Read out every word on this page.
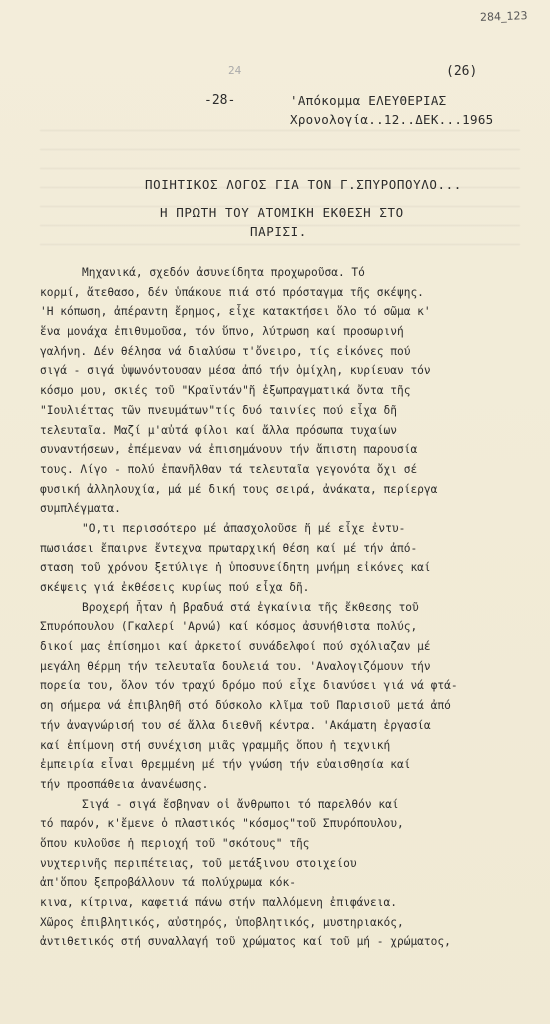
284_123
(26)
24
-28-	'Απόκομμα ΕΛΕΥΘΕΡΙΑΣ
Χρονολογία..12..ΔΕΚ...1965
ΠΟΙΗΤΙΚΟΣ ΛΟΓΟΣ ΓΙΑ ΤΟΝ Γ.ΣΠΥΡΟΠΟΥΛΟ...
Η ΠΡΩΤΗ ΤΟΥ ΑΤΟΜΙΚΗ ΕΚΘΕΣΗ ΣΤΟ
ΠΑΡΙΣΙ.
Μηχανικά, σχεδόν ἀσυνείδητα προχωροῦσα. Τό
κορμί, ἄτεθασο, δέν ὑπάκουε πιά στό πρόσταγμα τῆς σκέψης.
'Η κόπωση, ἀπέραντη ἔρημος, εἶχε κατακτήσει ὅλο τό σῶμα κ'
ἕνα μονάχα ἐπιθυμοῦσα, τόν ὕπνο, λύτρωση καί προσωρινή
γαλήνη. Δέν θέλησα νά διαλύσω τ'ὄνειρο, τίς εἰκόνες πού
σιγά - σιγά ὑψωνόντουσαν μέσα ἀπό τήν ὁμίχλη, κυρίευαν τόν
κόσμο μου, σκιές τοῦ "Κραϊντάν"ἤ ἐξωπραγματικά ὄντα τῆς
"Ιουλιέττας τῶν πνευμάτων"τίς δυό ταινίες πού εἶχα δῆ
τελευταῖα. Μαζί μ'αὐτά φίλοι καί ἄλλα πρόσωπα τυχαίων
συναντήσεων, ἐπέμεναν νά ἐπισημάνουν τήν ἄπιστη παρουσία
τους. Λίγο - πολύ ἐπανῆλθαν τά τελευταῖα γεγονότα ὄχι σέ
φυσική ἀλληλουχία, μά μέ δική τους σειρά, ἀνάκατα, περίεργα
συμπλέγματα.
"Ο,τι περισσότερο μέ ἀπασχολοῦσε ἤ μέ εἶχε ἐντυ-
πωσιάσει ἔπαιρνε ἔντεχνα πρωταρχική θέση καί μέ τήν ἀπό-
σταση τοῦ χρόνου ξετύλιγε ἡ ὑποσυνείδητη μνήμη εἰκόνες καί
σκέψεις γιά ἐκθέσεις κυρίως πού εἶχα δῆ.
Βροχερή ἦταν ἡ βραδυά στά ἐγκαίνια τῆς ἔκθεσης τοῦ
Σπυρόπουλου (Γκαλερί 'Αρνώ) καί κόσμος ἀσυνήθιστα πολύς,
δικοί μας ἐπίσημοι καί ἀρκετοί συνάδελφοί πού σχόλιαζαν μέ
μεγάλη θέρμη τήν τελευταῖα δουλειά του. 'Αναλογιζόμουν τήν
πορεία του, ὅλον τόν τραχύ δρόμο πού εἶχε διανύσει γιά νά φτά-
ση σήμερα νά ἐπιβληθῆ στό δύσκολο κλῖμα τοῦ Παρισιοῦ μετά ἀπό
τήν ἀναγνώρισή του σέ ἄλλα διεθνῆ κέντρα. 'Ακάματη ἐργασία
καί ἐπίμονη στή συνέχιση μιᾶς γραμμῆς ὅπου ἡ τεχνική
ἐμπειρία εἶναι θρεμμένη μέ τήν γνώση τήν εὐαισθησία καί
τήν προσπάθεια ἀνανέωσης.
Σιγά - σιγά ἔσβηναν οἱ ἄνθρωποι τό παρελθόν καί
τό παρόν, κ'ἔμενε ὁ πλαστικός "κόσμος"τοῦ Σπυρόπουλου,
ὅπου κυλοῦσε ἡ περιοχή τοῦ "σκότους" τῆς
νυχτερινῆς περιπέτειας, τοῦ μετάξινου στοιχείου
ἀπ'ὅπου ξεπροβάλλουν τά πολύχρωμα κόκ-
κινα, κίτρινα, καφετιά πάνω στήν παλλόμενη ἐπιφάνεια.
Χῶρος ἐπιβλητικός, αὐστηρός, ὑποβλητικός, μυστηριακός,
ἀντιθετικός στή συναλλαγή τοῦ χρώματος καί τοῦ μή - χρώματος,
